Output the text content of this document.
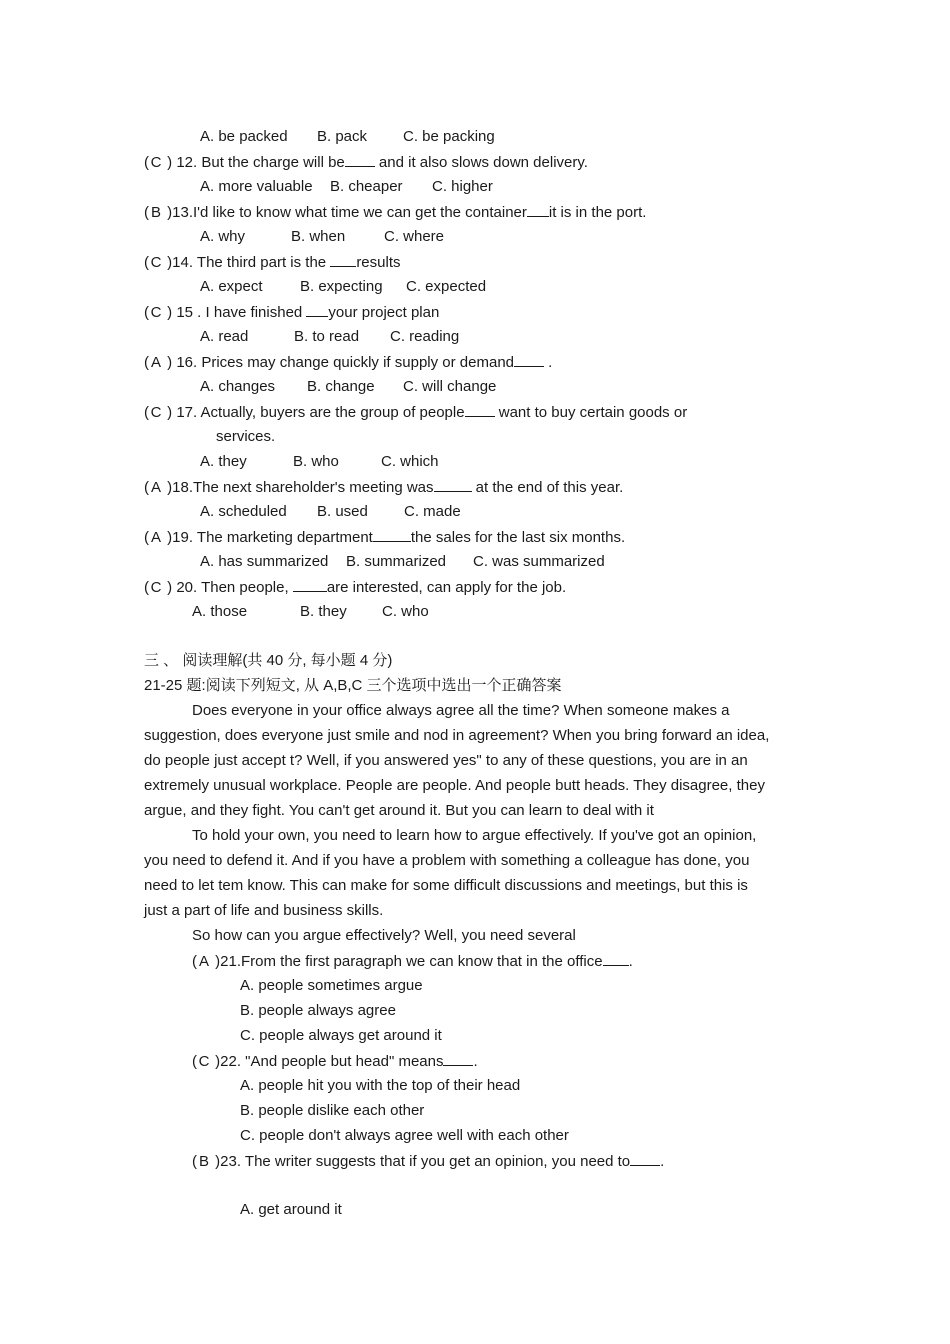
A. be packed B. pack C. be packing
( C ) 12. But the charge will be and it also slows down delivery.
A. more valuable B. cheaper C. higher
( B )13.I'd like to know what time we can get the container it is in the port.
A. why	B. when	C. where
( C )14. The third part is the results
A. expect B. expecting C. expected
( C ) 15 . I have finished your project plan
A. read	B. to read C. reading
( A ) 16. Prices may change quickly if supply or demand .
A. changes B. change C. will change
( C ) 17. Actually, buyers are the group of people want to buy certain goods or
services.
A. they	B. who	C. which
( A )18.The next shareholder's meeting was	at the end of this year.
A. scheduled B. used C. made
( A )19. The marketing department	the sales for the last six months.
A. has summarized B. summarized C. was summarized
( C ) 20. Then people, are interested, can apply for the job.
A. those	B. they C. who
三 、 阅读理解(共 40 分, 每小题 4 分)
21-25 题:阅读下列短文, 从 A,B,C 三个选项中选出一个正确答案
Does everyone in your office always agree all the time? When someone makes a
suggestion, does everyone just smile and nod in agreement? When you bring forward an idea,
do people just accept t? Well, if you answered yes" to any of these questions, you are in an
extremely unusual workplace. People are people. And people butt heads. They disagree, they
argue, and they fight. You can't get around it. But you can learn to deal with it
To hold your own, you need to learn how to argue effectively. If you've got an opinion,
you need to defend it. And if you have a problem with something a colleague has done, you
need to let tem know. This can make for some difficult discussions and meetings, but this is
just a part of life and business skills.
So how can you argue effectively? Well, you need several
( A )21.From the first paragraph we can know that in the office .
A. people sometimes argue
B. people always agree
C. people always get around it
( C )22. "And people but head" means .
A. people hit you with the top of their head
B. people dislike each other
C. people don't always agree well with each other
( B )23. The writer suggests that if you get an opinion, you need to .
A. get around it
